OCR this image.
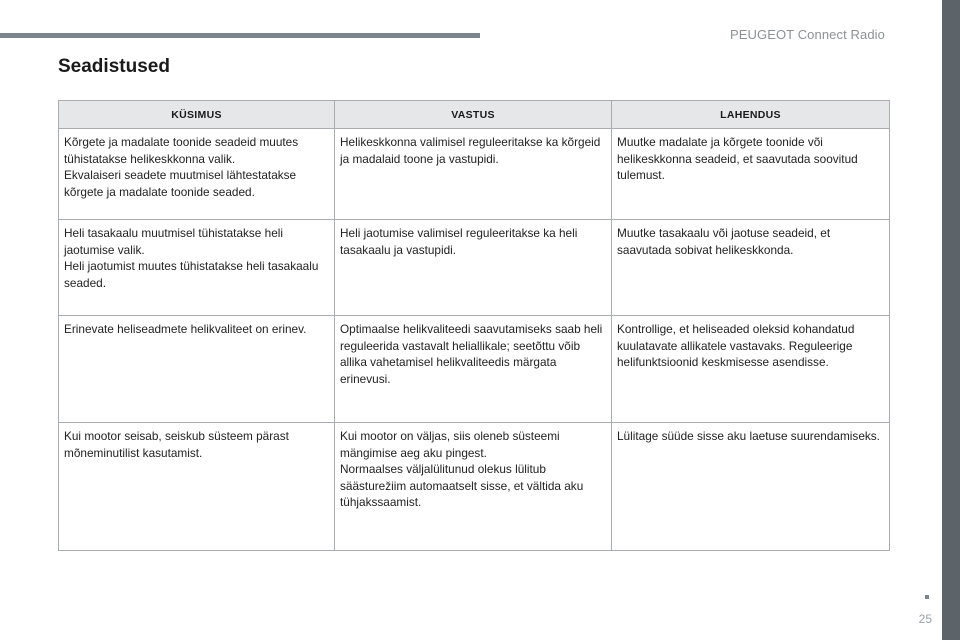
PEUGEOT Connect Radio
Seadistused
KÜSIMUS	VASTUS	LAHENDUS

Kõrgete ja madalate toonide seadeid muutes tühistatakse helikeskkonna valik.
Ekvalaiseri seadete muutmisel lähtestatakse kõrgete ja madalate toonide seaded.	Helikeskkonna valimisel reguleeritakse ka kõrgeid ja madalaid toone ja vastupidi.	Muutke madalate ja kõrgete toonide või helikeskkonna seadeid, et saavutada soovitud tulemust.

Heli tasakaalu muutmisel tühistatakse heli jaotumise valik.
Heli jaotumist muutes tühistatakse heli tasakaalu seaded.	Heli jaotumise valimisel reguleeritakse ka heli tasakaalu ja vastupidi.	Muutke tasakaalu või jaotuse seadeid, et saavutada sobivat helikeskkonda.

Erinevate heliseadmete helikvaliteet on erinev.	Optimaalse helikvaliteedi saavutamiseks saab heli reguleerida vastavalt heliallikale; seetõttu võib allika vahetamisel helikvaliteedis märgata erinevusi.	Kontrollige, et heliseaded oleksid kohandatud kuulatavate allikatele vastavaks. Reguleerige helifunktsioonid keskmisesse asendisse.

Kui mootor seisab, seiskub süsteem pärast mõneminutilist kasutamist.	Kui mootor on väljas, siis oleneb süsteemi mängimise aeg aku pingest.
Normaalses väljalülitunud olekus lülitub säästurežiim automaatselt sisse, et vältida aku tühjakssaamist.	Lülitage süüde sisse aku laetuse suurendamiseks.
25
